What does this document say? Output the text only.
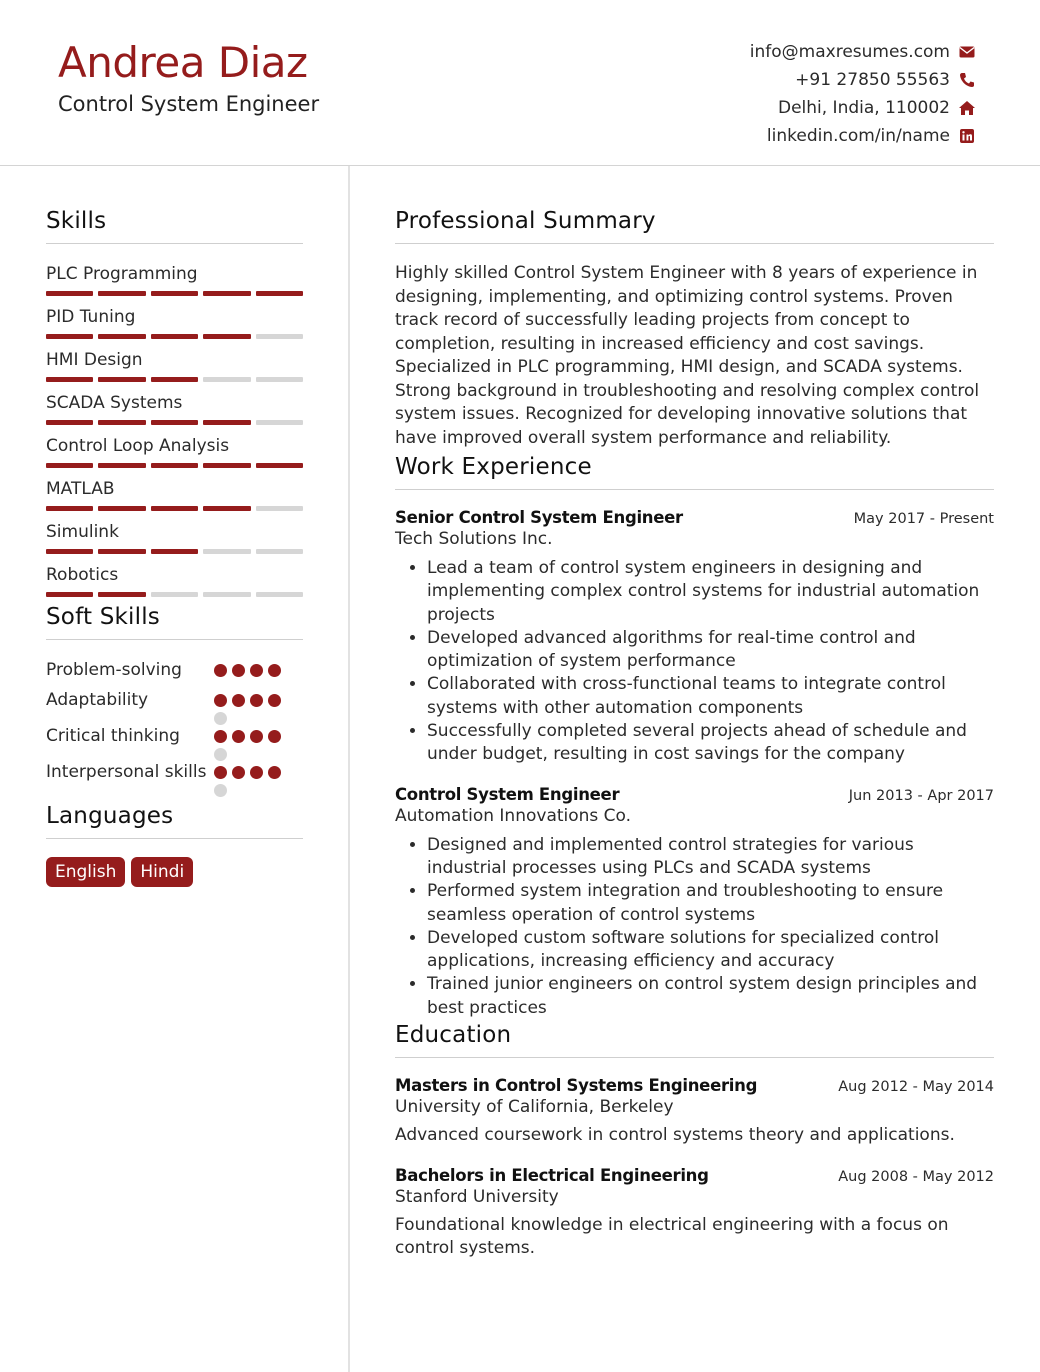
Andrea Diaz
Control System Engineer
info@maxresumes.com
+91 27850 55563
Delhi, India, 110002
linkedin.com/in/name
Skills
PLC Programming
PID Tuning
HMI Design
SCADA Systems
Control Loop Analysis
MATLAB
Simulink
Robotics
Soft Skills
Problem-solving
Adaptability
Critical thinking
Interpersonal skills
Languages
English	Hindi
Professional Summary
Highly skilled Control System Engineer with 8 years of experience in designing, implementing, and optimizing control systems. Proven track record of successfully leading projects from concept to completion, resulting in increased efficiency and cost savings. Specialized in PLC programming, HMI design, and SCADA systems. Strong background in troubleshooting and resolving complex control system issues. Recognized for developing innovative solutions that have improved overall system performance and reliability.
Work Experience
Senior Control System Engineer	May 2017 - Present
Tech Solutions Inc.
• Lead a team of control system engineers in designing and implementing complex control systems for industrial automation projects
• Developed advanced algorithms for real-time control and optimization of system performance
• Collaborated with cross-functional teams to integrate control systems with other automation components
• Successfully completed several projects ahead of schedule and under budget, resulting in cost savings for the company
Control System Engineer	Jun 2013 - Apr 2017
Automation Innovations Co.
• Designed and implemented control strategies for various industrial processes using PLCs and SCADA systems
• Performed system integration and troubleshooting to ensure seamless operation of control systems
• Developed custom software solutions for specialized control applications, increasing efficiency and accuracy
• Trained junior engineers on control system design principles and best practices
Education
Masters in Control Systems Engineering	Aug 2012 - May 2014
University of California, Berkeley
Advanced coursework in control systems theory and applications.
Bachelors in Electrical Engineering	Aug 2008 - May 2012
Stanford University
Foundational knowledge in electrical engineering with a focus on control systems.
